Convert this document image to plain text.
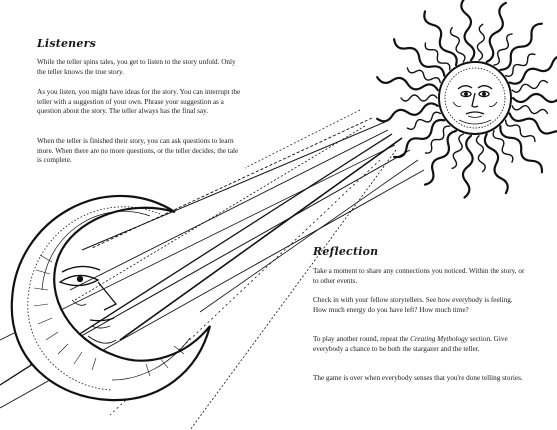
Listeners

While the teller spins tales, you get to listen to the story unfold. Only the teller knows the true story.

As you listen, you might have ideas for the story. You can interrupt the teller with a suggestion of your own. Phrase your suggestion as a question about the story. The teller always has the final say.

When the teller is finished their story, you can ask questions to learn more. When there are no more questions, or the teller decides, the tale is complete.

Reflection

Take a moment to share any connections you noticed. Within the story, or to other events.

Check in with your fellow storytellers. See how everybody is feeling. How much energy do you have left? How much time?

To play another round, repeat the Creating Mythology section. Give everybody a chance to be both the stargazer and the teller.

The game is over when everybody senses that you're done telling stories.
